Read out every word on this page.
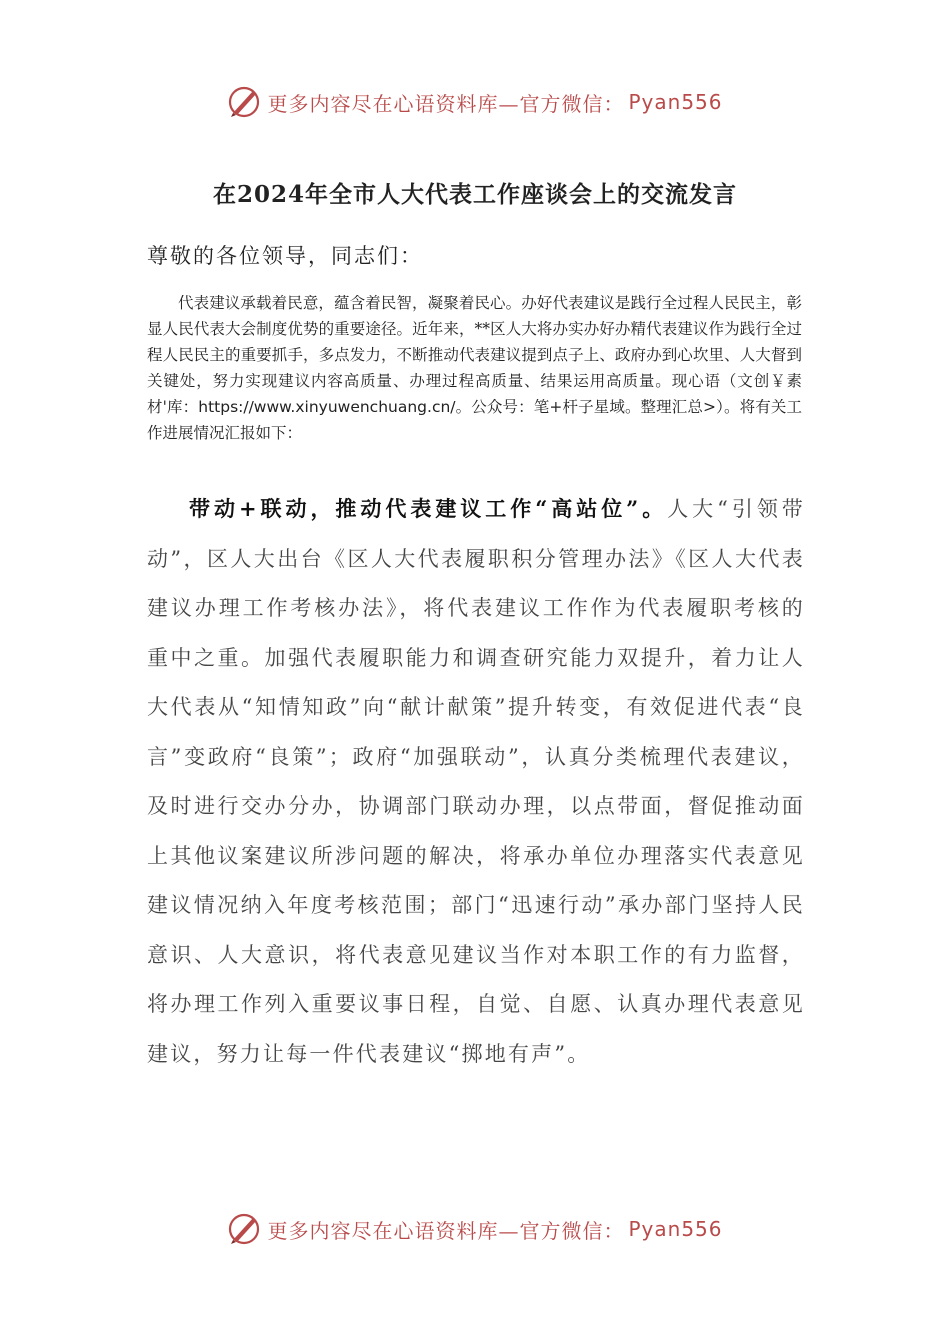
更多内容尽在心语资料库—官方微信： Pyan556
在2024年全市人大代表工作座谈会上的交流发言
尊敬的各位领导，同志们：

代表建议承载着民意，蕴含着民智，凝聚着民心。办好代表建议是践行全过程人民民主，彰显人民代表大会制度优势的重要途径。近年来，**区人大将办实办好办精代表建议作为践行全过程人民民主的重要抓手，多点发力，不断推动代表建议提到点子上、政府办到心坎里、人大督到关键处，努力实现建议内容高质量、办理过程高质量、结果运用高质量。现心语（文创￥素材'库：https://www.xinyuwenchuang.cn/。公众号：笔+杆子星域。整理汇总>）。将有关工作进展情况汇报如下：

带动+联动，推动代表建议工作“高站位”。人大“引领带动”，区人大出台《区人大代表履职积分管理办法》《区人大代表建议办理工作考核办法》，将代表建议工作作为代表履职考核的重中之重。加强代表履职能力和调查研究能力双提升，着力让人大代表从“知情知政”向“献计献策”提升转变，有效促进代表“良言”变政府“良策”；政府“加强联动”，认真分类梳理代表建议，及时进行交办分办，协调部门联动办理，以点带面，督促推动面上其他议案建议所涉问题的解决，将承办单位办理落实代表意见建议情况纳入年度考核范围；部门“迅速行动”承办部门坚持人民意识、人大意识，将代表意见建议当作对本职工作的有力监督，将办理工作列入重要议事日程，自觉、自愿、认真办理代表意见建议，努力让每一件代表建议“掷地有声”。

更多内容尽在心语资料库—官方微信： Pyan556
